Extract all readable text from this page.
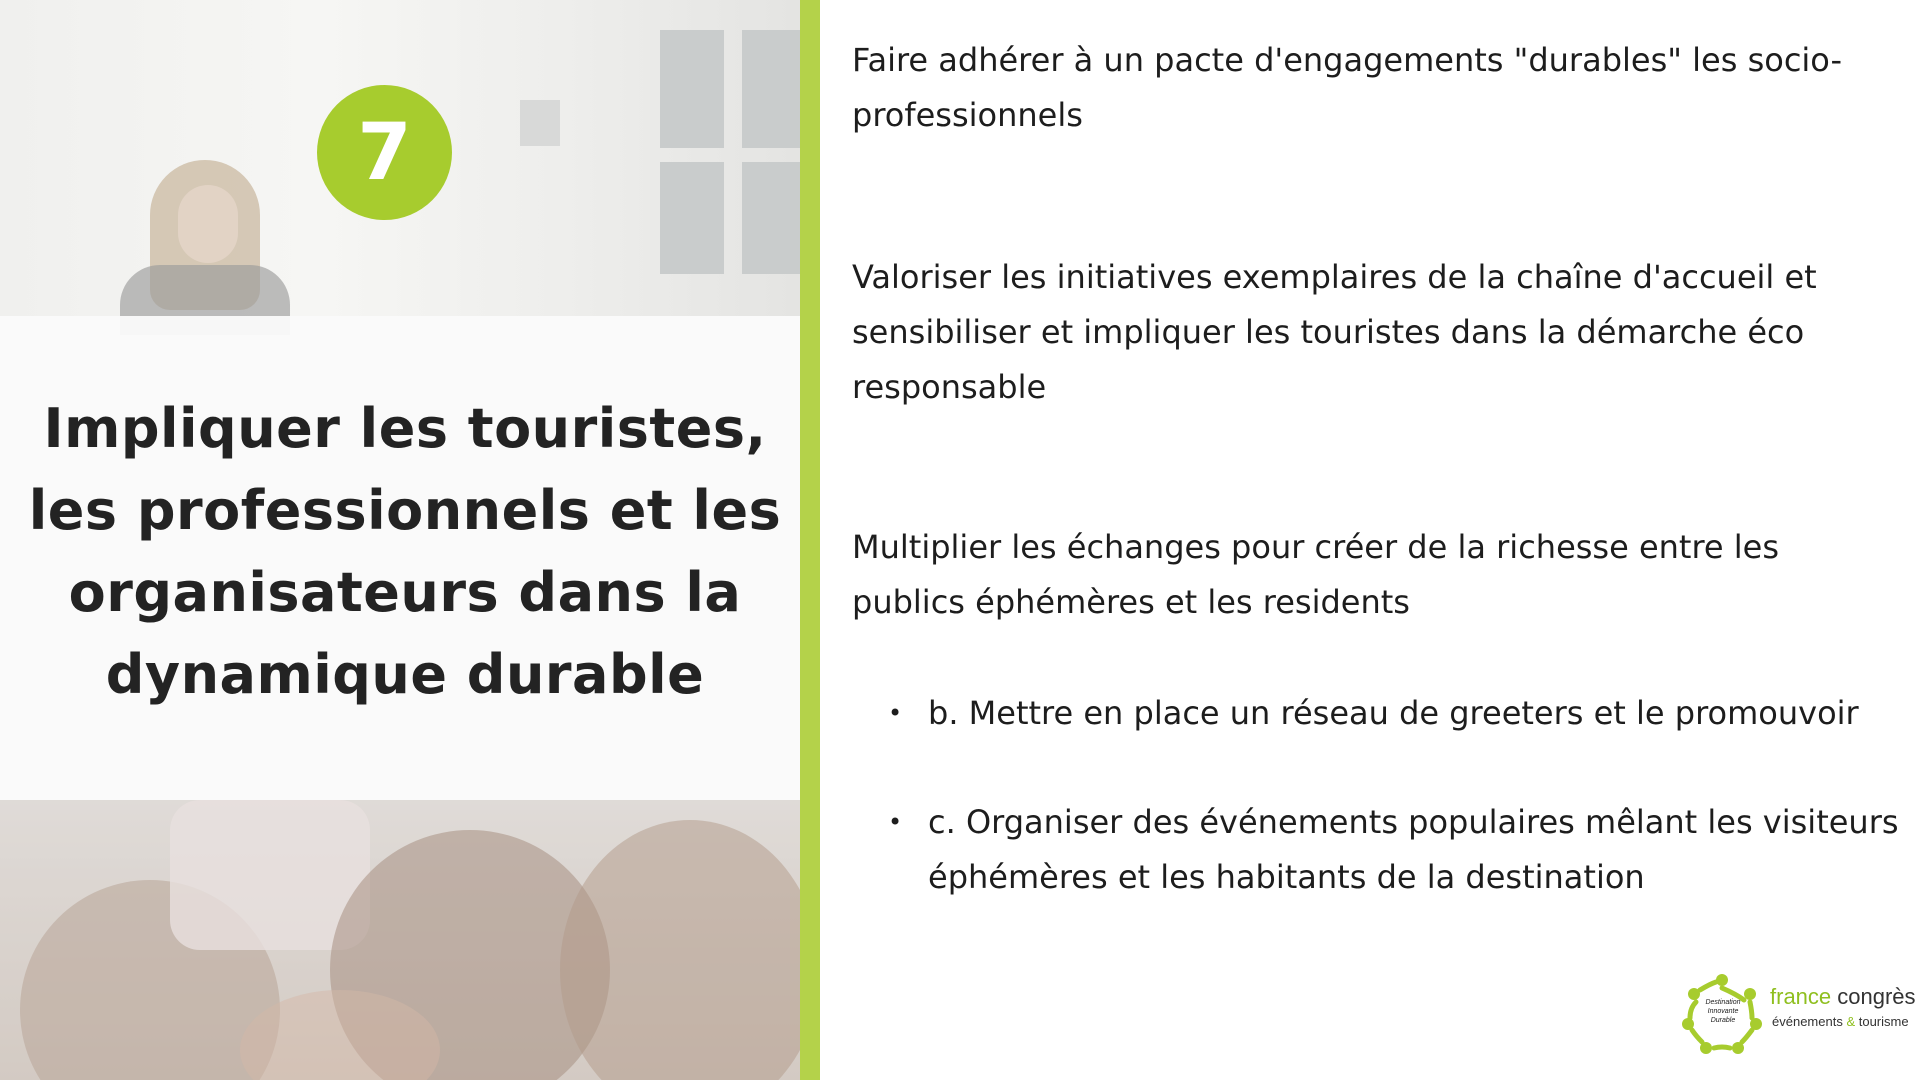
7
Impliquer les touristes, les professionnels et les organisateurs dans la dynamique durable
Faire adhérer à un pacte d'engagements "durables" les socio-professionnels
Valoriser les initiatives exemplaires de la chaîne d'accueil et sensibiliser et impliquer les touristes dans la démarche éco responsable
Multiplier les échanges pour créer de la richesse entre les publics éphémères et les residents
• b. Mettre en place un réseau de greeters et le promouvoir
• c. Organiser des événements populaires mêlant les visiteurs éphémères et les habitants de la destination
Destination
Innovante
Durable
france congrès
événements & tourisme
